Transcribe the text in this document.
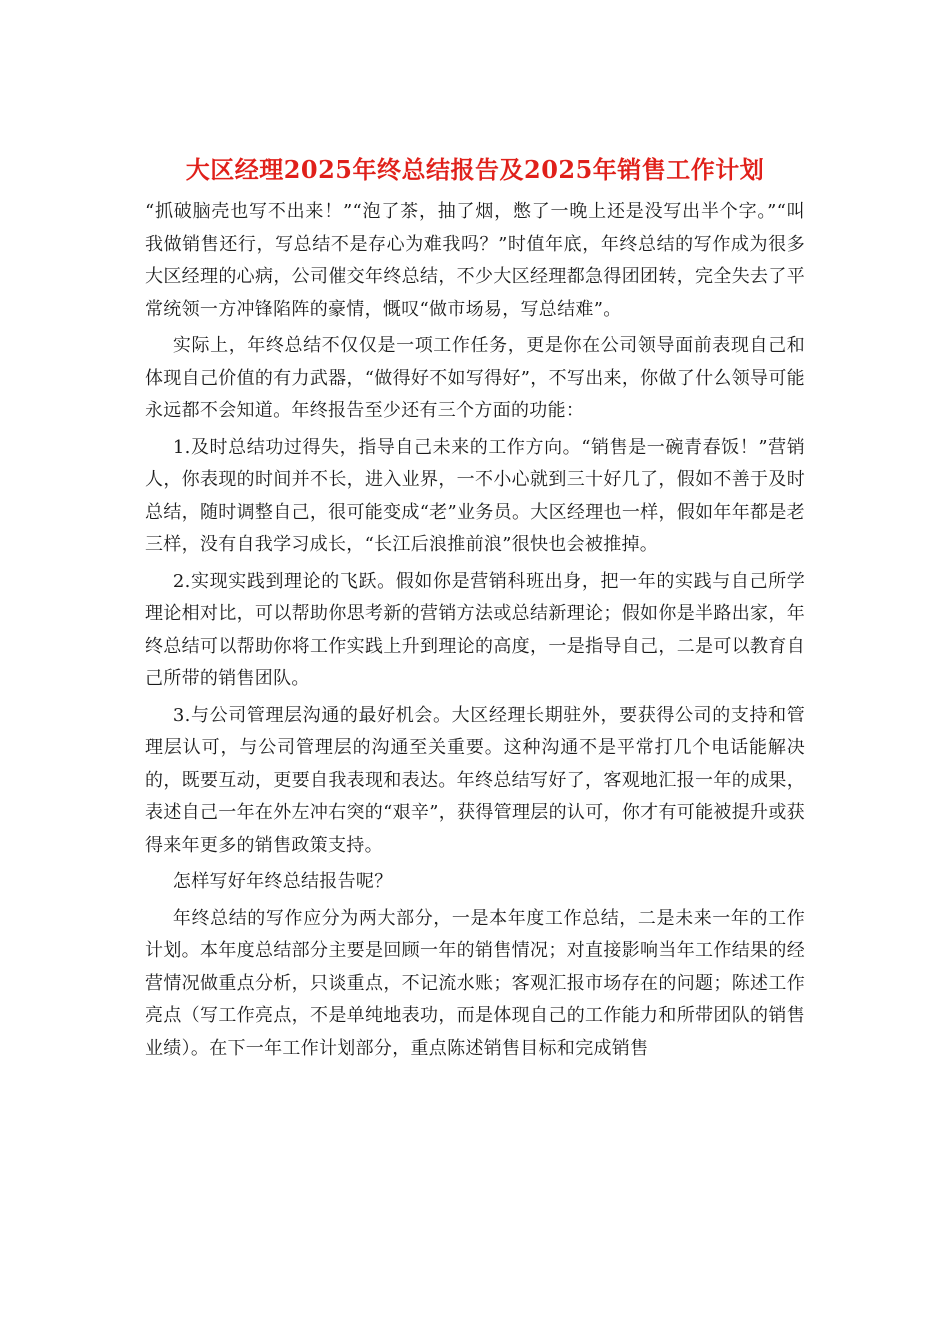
大区经理2025年终总结报告及2025年销售工作计划

“抓破脑壳也写不出来！”“泡了茶，抽了烟，憋了一晚上还是没写出半个字。”“叫我做销售还行，写总结不是存心为难我吗？”时值年底，年终总结的写作成为很多大区经理的心病，公司催交年终总结，不少大区经理都急得团团转，完全失去了平常统领一方冲锋陷阵的豪情，慨叹“做市场易，写总结难”。

实际上，年终总结不仅仅是一项工作任务，更是你在公司领导面前表现自己和体现自己价值的有力武器，“做得好不如写得好”，不写出来，你做了什么领导可能永远都不会知道。年终报告至少还有三个方面的功能：

1.及时总结功过得失，指导自己未来的工作方向。“销售是一碗青春饭！”营销人，你表现的时间并不长，进入业界，一不小心就到三十好几了，假如不善于及时总结，随时调整自己，很可能变成“老”业务员。大区经理也一样，假如年年都是老三样，没有自我学习成长，“长江后浪推前浪”很快也会被推掉。

2.实现实践到理论的飞跃。假如你是营销科班出身，把一年的实践与自己所学理论相对比，可以帮助你思考新的营销方法或总结新理论；假如你是半路出家，年终总结可以帮助你将工作实践上升到理论的高度，一是指导自己，二是可以教育自己所带的销售团队。

3.与公司管理层沟通的最好机会。大区经理长期驻外，要获得公司的支持和管理层认可，与公司管理层的沟通至关重要。这种沟通不是平常打几个电话能解决的，既要互动，更要自我表现和表达。年终总结写好了，客观地汇报一年的成果，表述自己一年在外左冲右突的“艰辛”，获得管理层的认可，你才有可能被提升或获得来年更多的销售政策支持。

怎样写好年终总结报告呢？

年终总结的写作应分为两大部分，一是本年度工作总结，二是未来一年的工作计划。本年度总结部分主要是回顾一年的销售情况；对直接影响当年工作结果的经营情况做重点分析，只谈重点，不记流水账；客观汇报市场存在的问题；陈述工作亮点（写工作亮点，不是单纯地表功，而是体现自己的工作能力和所带团队的销售业绩）。在下一年工作计划部分，重点陈述销售目标和完成销售
